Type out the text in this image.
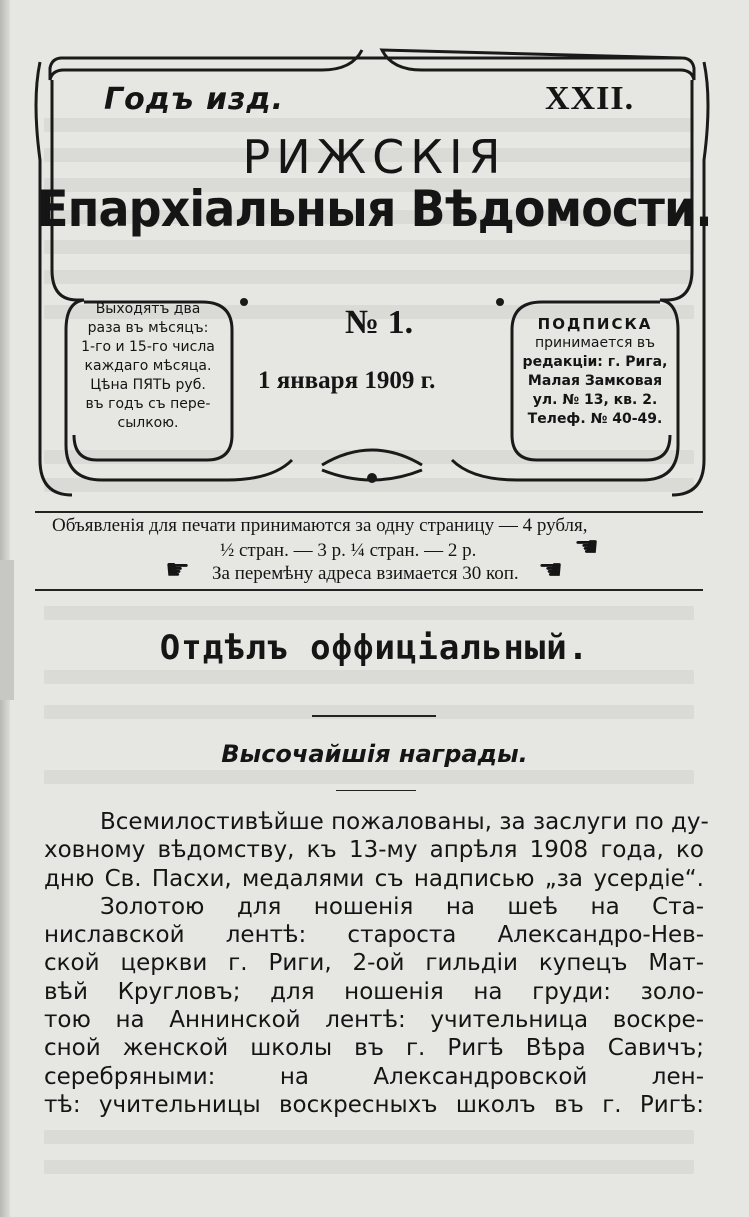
Годъ изд.	XXII.
РИЖСКІЯ
Епархіальныя Вѣдомости.
Выходятъ два
раза въ мѣсяцъ:
1-го и 15-го числа
каждаго мѣсяца.
Цѣна ПЯТЬ руб.
въ годъ съ пере-
сылкою.
№ 1.
1 января 1909 г.
ПОДПИСКА
принимается въ
редакціи: г. Рига,
Малая Замковая
ул. № 13, кв. 2.
Телеф. № 40-49.
Объявленія для печати принимаются за одну страницу — 4 рубля,
½ стран. — 3 р. ¼ стран. — 2 р.
За перемѣну адреса взимается 30 коп.
☚
☛	☚
Отдѣлъ оффиціальный.
Высочайшія награды.
Всемилостивѣйше пожалованы, за заслуги по ду-
ховному вѣдомству, къ 13-му апрѣля 1908 года, ко
дню Св. Пасхи, медалями съ надписью „за усердіе“.
Золотою для ношенія на шеѣ на Ста-
ниславской лентѣ: староста Александро-Нев-
ской церкви г. Риги, 2-ой гильдіи купецъ Мат-
вѣй Кругловъ; для ношенія на груди: золо-
тою на Аннинской лентѣ: учительница воскре-
сной женской школы въ г. Ригѣ Вѣра Савичъ;
серебряными: на Александровской лен-
тѣ: учительницы воскресныхъ школъ въ г. Ригѣ:
